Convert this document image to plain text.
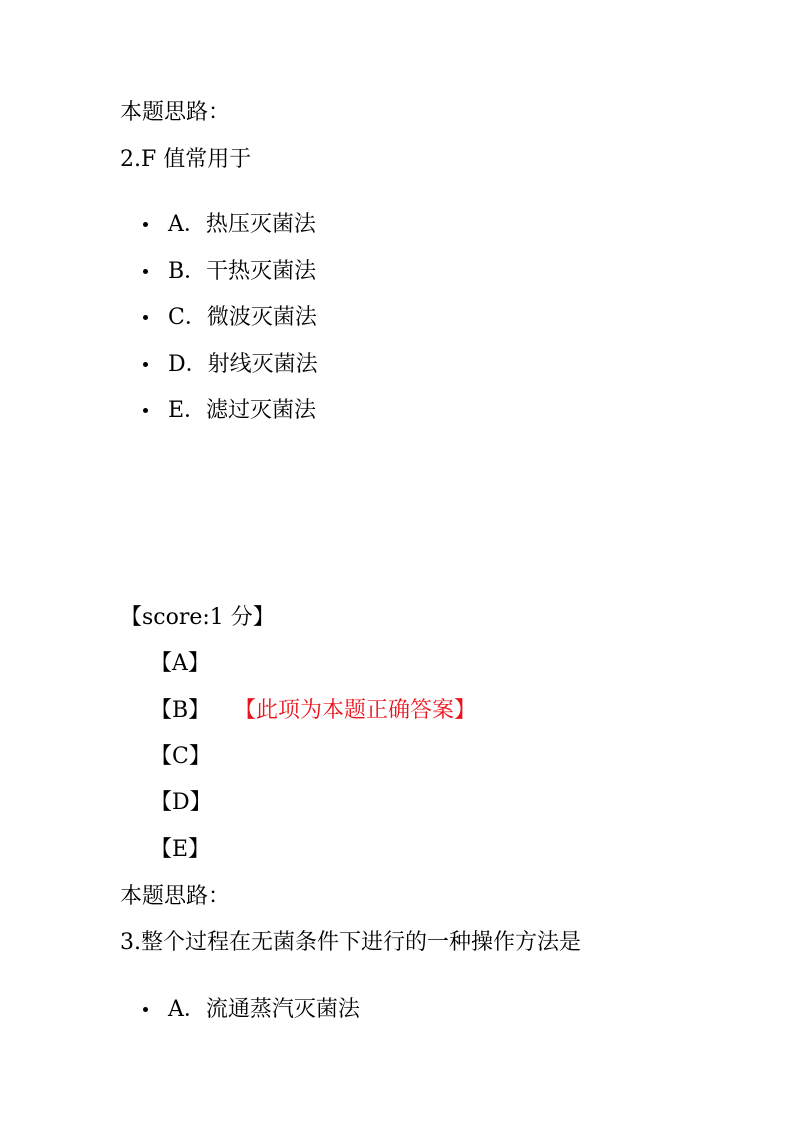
本题思路：
2.F 值常用于
A．热压灭菌法
B．干热灭菌法
C．微波灭菌法
D．射线灭菌法
E．滤过灭菌法
【score:1 分】
【A】
【B】 【此项为本题正确答案】
【C】
【D】
【E】
本题思路：
3.整个过程在无菌条件下进行的一种操作方法是
A．流通蒸汽灭菌法
